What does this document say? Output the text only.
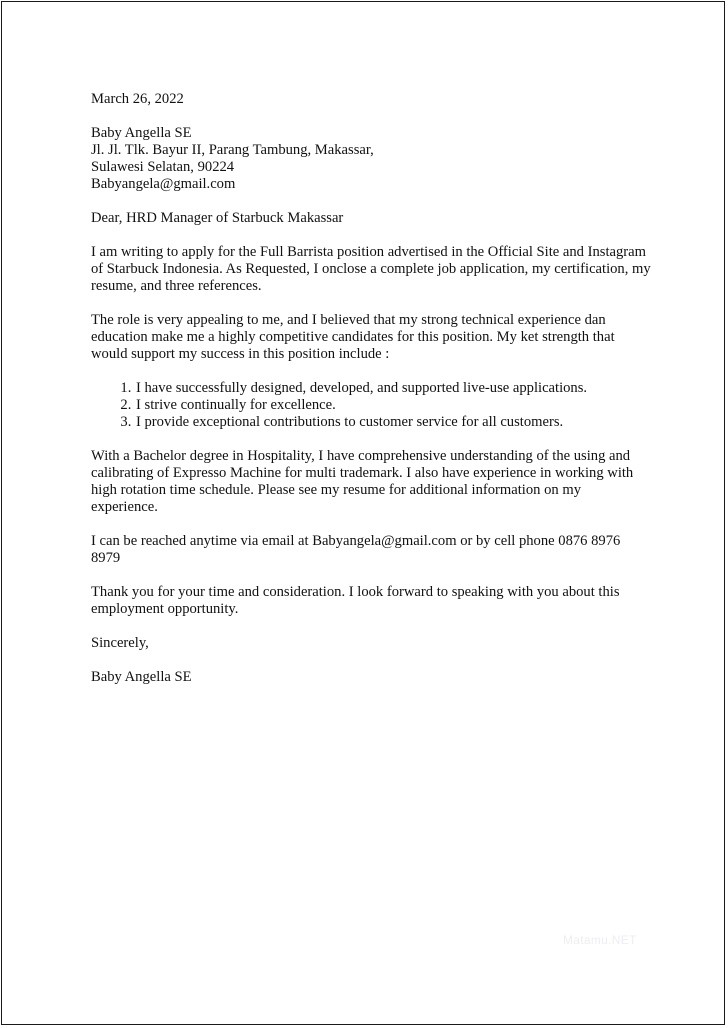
March 26, 2022

Baby Angella SE
Jl. Jl. Tlk. Bayur II, Parang Tambung, Makassar,
Sulawesi Selatan, 90224
Babyangela@gmail.com

Dear, HRD Manager of Starbuck Makassar

I am writing to apply for the Full Barrista position advertised in the Official Site and Instagram of Starbuck Indonesia. As Requested, I onclose a complete job application, my certification, my resume, and three references.

The role is very appealing to me, and I believed that my strong technical experience dan education make me a highly competitive candidates for this position. My ket strength that would support my success in this position include :

1. I have successfully designed, developed, and supported live-use applications.
2. I strive continually for excellence.
3. I provide exceptional contributions to customer service for all customers.

With a Bachelor degree in Hospitality, I have comprehensive understanding of the using and calibrating of Expresso Machine for multi trademark. I also have experience in working with high rotation time schedule. Please see my resume for additional information on my experience.

I can be reached anytime via email at Babyangela@gmail.com or by cell phone 0876 8976 8979

Thank you for your time and consideration. I look forward to speaking with you about this employment opportunity.

Sincerely,

Baby Angella SE

Matamu.NET
